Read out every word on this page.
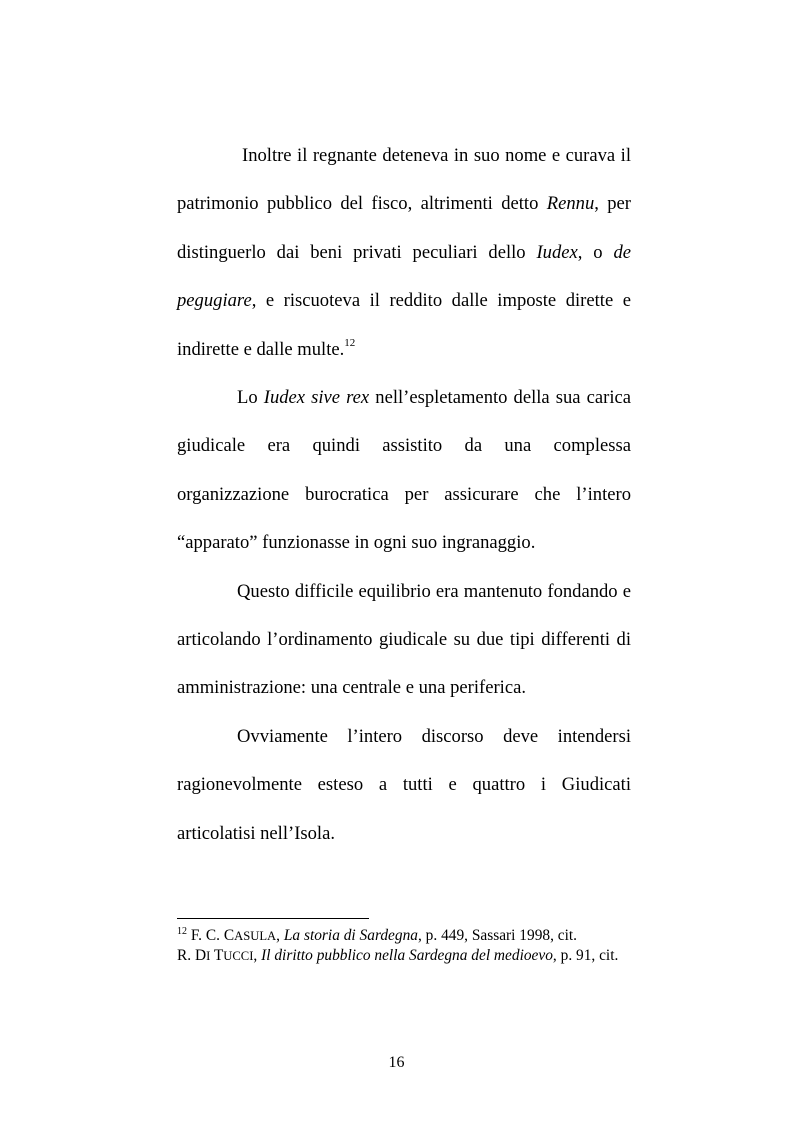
Inoltre il regnante deteneva in suo nome e curava il patrimonio pubblico del fisco, altrimenti detto Rennu, per distinguerlo dai beni privati peculiari dello Iudex, o de pegugiare, e riscuoteva il reddito dalle imposte dirette e indirette e dalle multe.$^{12}$

Lo Iudex sive rex nell’espletamento della sua carica giudicale era quindi assistito da una complessa organizzazione burocratica per assicurare che l’intero “apparato” funzionasse in ogni suo ingranaggio.

Questo difficile equilibrio era mantenuto fondando e articolando l’ordinamento giudicale su due tipi differenti di amministrazione: una centrale e una periferica.

Ovviamente l’intero discorso deve intendersi ragionevolmente esteso a tutti e quattro i Giudicati articolatisi nell’Isola.

$^{12}$ F. C. CASULA, La storia di Sardegna, p. 449, Sassari 1998, cit.

R. DI TUCCI, Il diritto pubblico nella Sardegna del medioevo, p. 91, cit.

16
